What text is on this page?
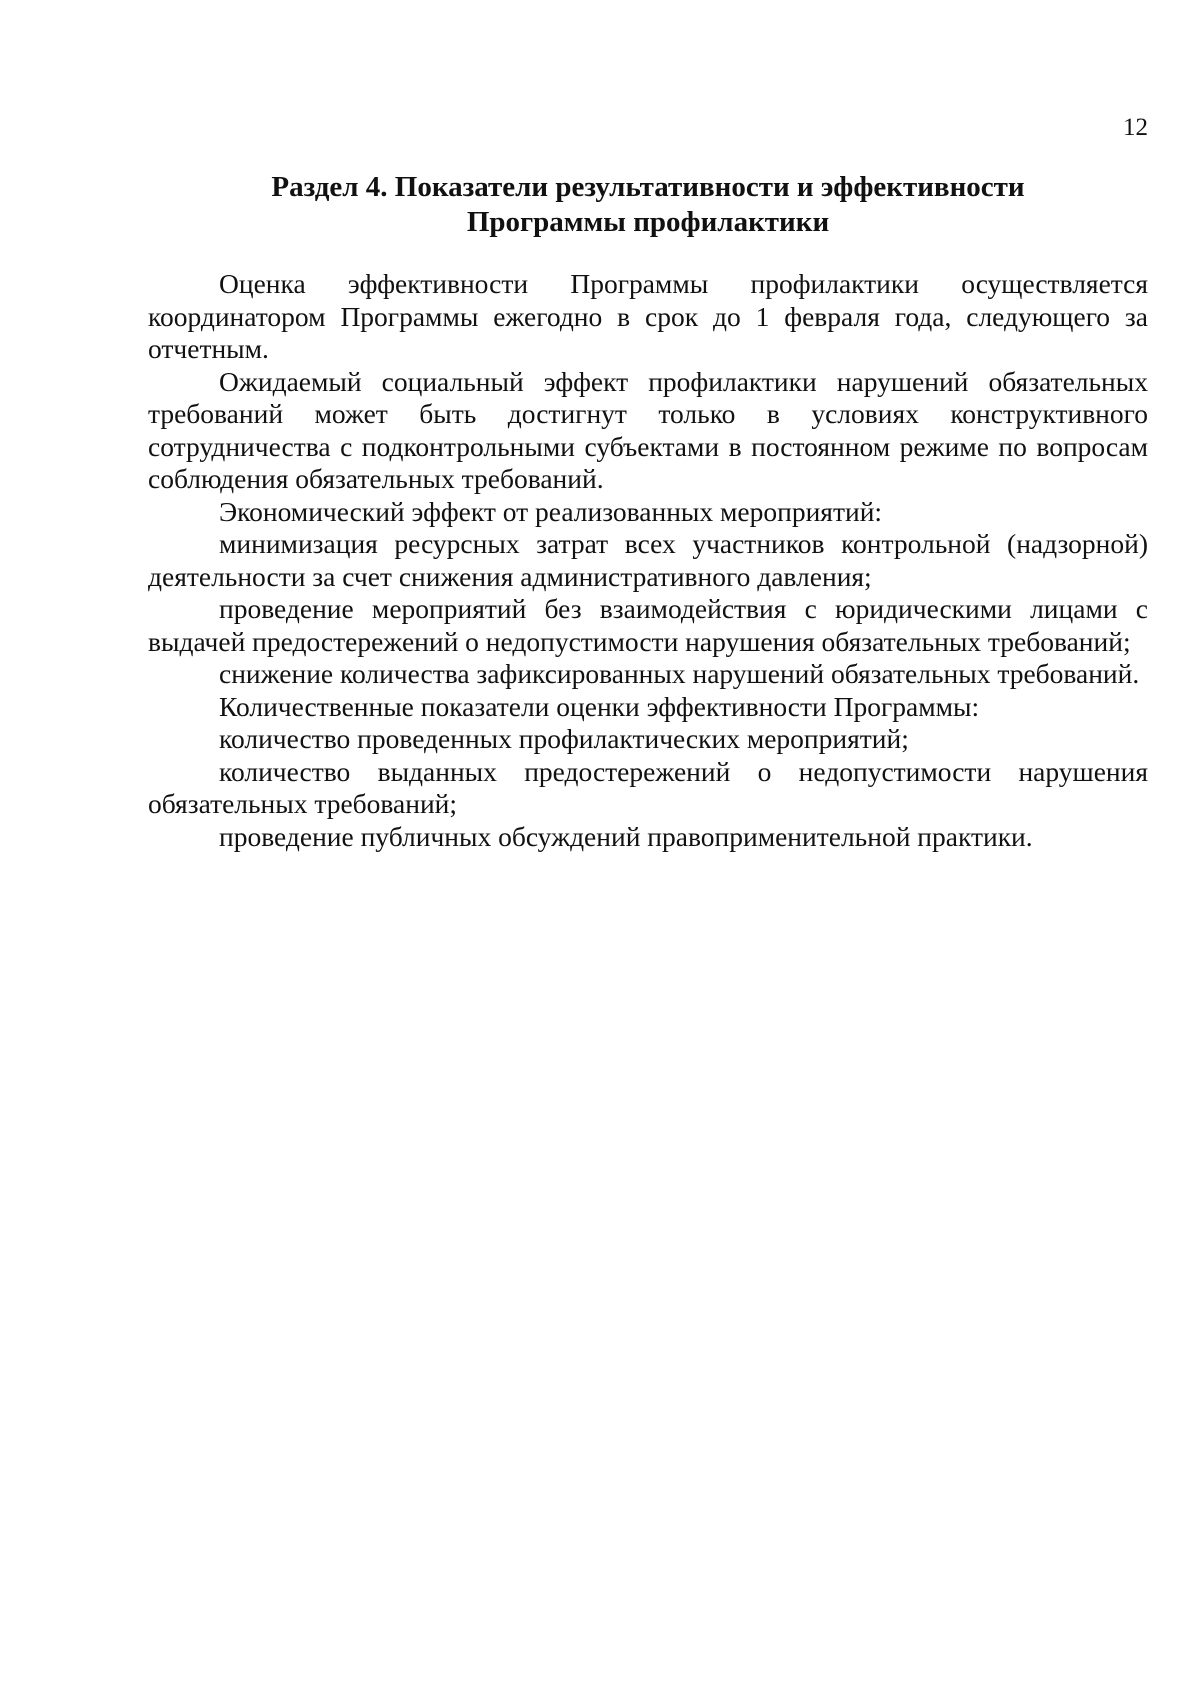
12
Раздел 4. Показатели результативности и эффективности
Программы профилактики

Оценка эффективности Программы профилактики осуществляется координатором Программы ежегодно в срок до 1 февраля года, следующего за отчетным.

Ожидаемый социальный эффект профилактики нарушений обязательных требований может быть достигнут только в условиях конструктивного сотрудничества с подконтрольными субъектами в постоянном режиме по вопросам соблюдения обязательных требований.

Экономический эффект от реализованных мероприятий:

минимизация ресурсных затрат всех участников контрольной (надзорной) деятельности за счет снижения административного давления;

проведение мероприятий без взаимодействия с юридическими лицами с выдачей предостережений о недопустимости нарушения обязательных требований;

снижение количества зафиксированных нарушений обязательных требований.

Количественные показатели оценки эффективности Программы:

количество проведенных профилактических мероприятий;

количество выданных предостережений о недопустимости нарушения обязательных требований;

проведение публичных обсуждений правоприменительной практики.
